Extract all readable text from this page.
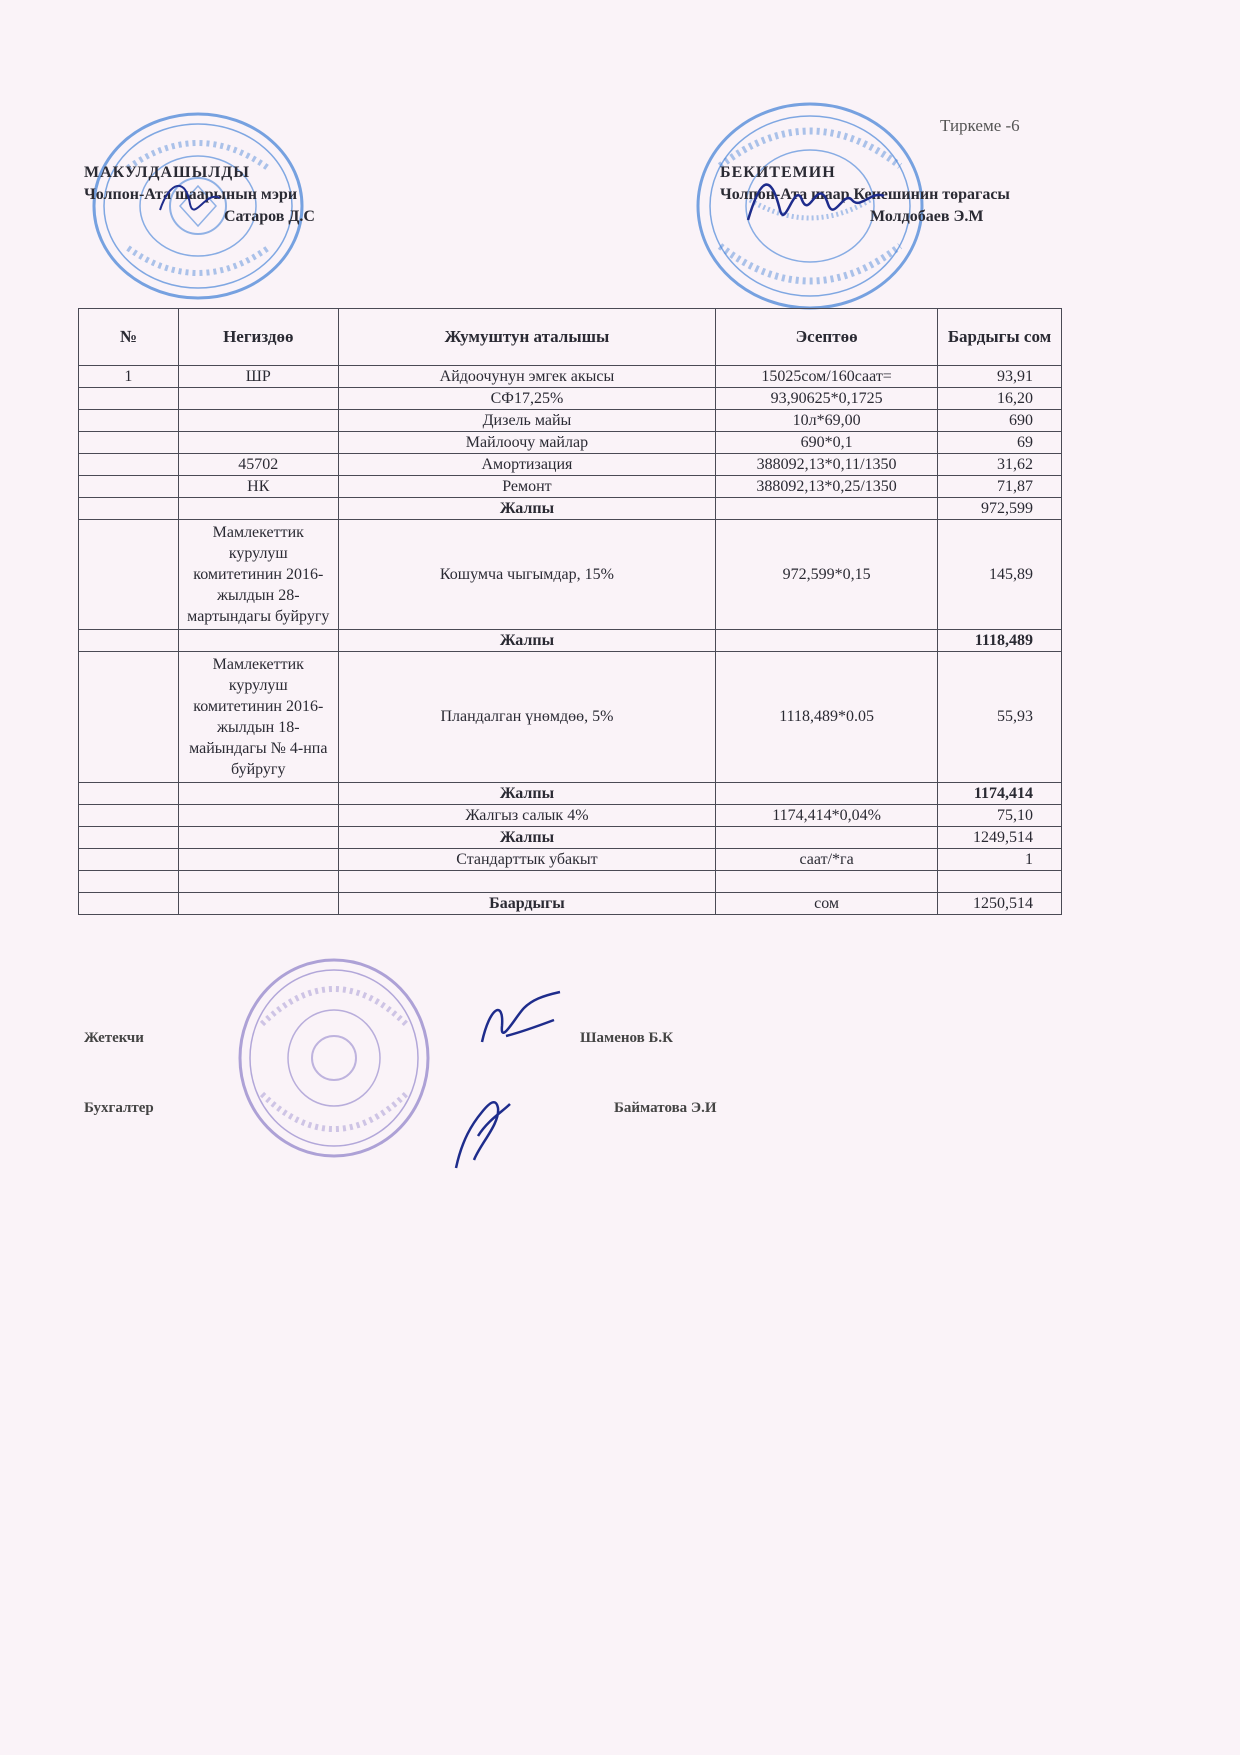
Тиркеме -6
МАКУЛДАШЫЛДЫ
Чолпон-Ата шаарынын мэри
Сатаров Д.С
БЕКИТЕМИН
Чолпон-Ата шаар Кенешинин төрагасы
Молдобаев Э.М
№	Негиздөө	Жумуштун аталышы	Эсептөө	Бардыгы сом
1	ШР	Айдоочунун эмгек акысы	15025сом/160саат=	93,91
		СФ17,25%	93,90625*0,1725	16,20
		Дизель майы	10л*69,00	690
		Майлоочу майлар	690*0,1	69
	45702	Амортизация	388092,13*0,11/1350	31,62
	НК	Ремонт	388092,13*0,25/1350	71,87
		Жалпы		972,599
	Мамлекеттик курулуш комитетинин 2016-жылдын 28-мартындагы буйругу	Кошумча чыгымдар, 15%	972,599*0,15	145,89
		Жалпы		1118,489
	Мамлекеттик курулуш комитетинин 2016-жылдын 18-майындагы № 4-нпа буйругу	Пландалган үнөмдөө, 5%	1118,489*0.05	55,93
		Жалпы		1174,414
		Жалгыз салык 4%	1174,414*0,04%	75,10
		Жалпы		1249,514
		Стандарттык убакыт	саат/*га	1

		Баардыгы	сом	1250,514
Жетекчи	Шаменов Б.К
Бухгалтер	Байматова Э.И
